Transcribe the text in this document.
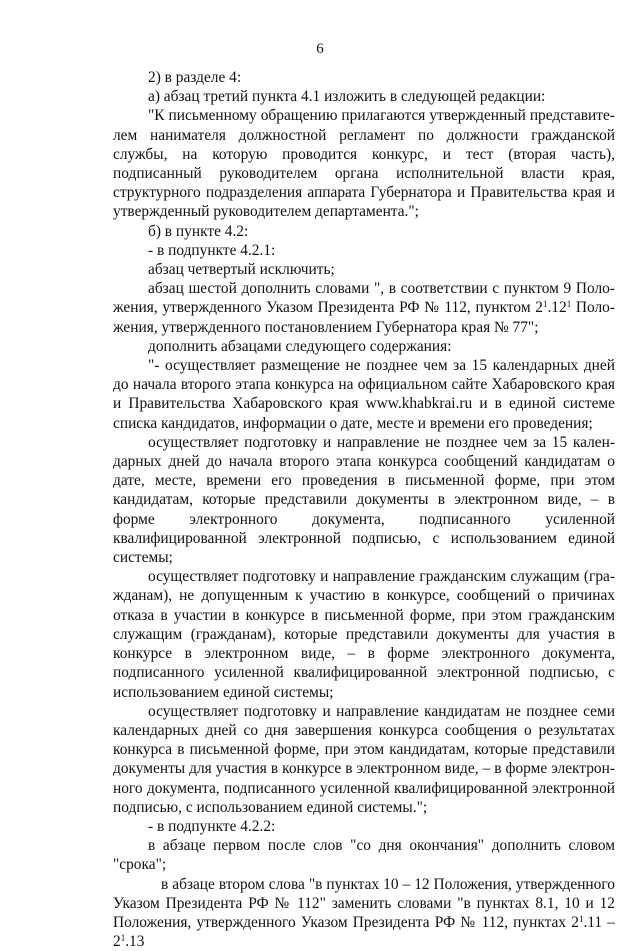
6

2) в разделе 4:

а) абзац третий пункта 4.1 изложить в следующей редакции:

"К письменному обращению прилагаются утвержденный представителем нанимателя должностной регламент по должности гражданской службы, на которую проводится конкурс, и тест (вторая часть), подписанный руководителем органа исполнительной власти края, структурного подразделения аппарата Губернатора и Правительства края и утвержденный руководителем департамента.";

б) в пункте 4.2:

- в подпункте 4.2.1:

абзац четвертый исключить;

абзац шестой дополнить словами ", в соответствии с пунктом 9 Положения, утвержденного Указом Президента РФ № 112, пунктом $2^1.12^1$ Положения, утвержденного постановлением Губернатора края № 77";

дополнить абзацами следующего содержания:

"- осуществляет размещение не позднее чем за 15 календарных дней до начала второго этапа конкурса на официальном сайте Хабаровского края и Правительства Хабаровского края www.khabkrai.ru и в единой системе списка кандидатов, информации о дате, месте и времени его проведения;

осуществляет подготовку и направление не позднее чем за 15 календарных дней до начала второго этапа конкурса сообщений кандидатам о дате, месте, времени его проведения в письменной форме, при этом кандидатам, которые представили документы в электронном виде, – в форме электронного документа, подписанного усиленной квалифицированной электронной подписью, с использованием единой системы;

осуществляет подготовку и направление гражданским служащим (гражданам), не допущенным к участию в конкурсе, сообщений о причинах отказа в участии в конкурсе в письменной форме, при этом гражданским служащим (гражданам), которые представили документы для участия в конкурсе в электронном виде, – в форме электронного документа, подписанного усиленной квалифицированной электронной подписью, с использованием единой системы;

осуществляет подготовку и направление кандидатам не позднее семи календарных дней со дня завершения конкурса сообщения о результатах конкурса в письменной форме, при этом кандидатам, которые представили документы для участия в конкурсе в электронном виде, – в форме электронного документа, подписанного усиленной квалифицированной электронной подписью, с использованием единой системы.";

- в подпункте 4.2.2:

в абзаце первом после слов "со дня окончания" дополнить словом "срока";

в абзаце втором слова "в пунктах 10 – 12 Положения, утвержденного Указом Президента РФ № 112" заменить словами "в пунктах 8.1, 10 и 12 Положения, утвержденного Указом Президента РФ № 112, пунктах $2^1.11 - 2^1.13$
